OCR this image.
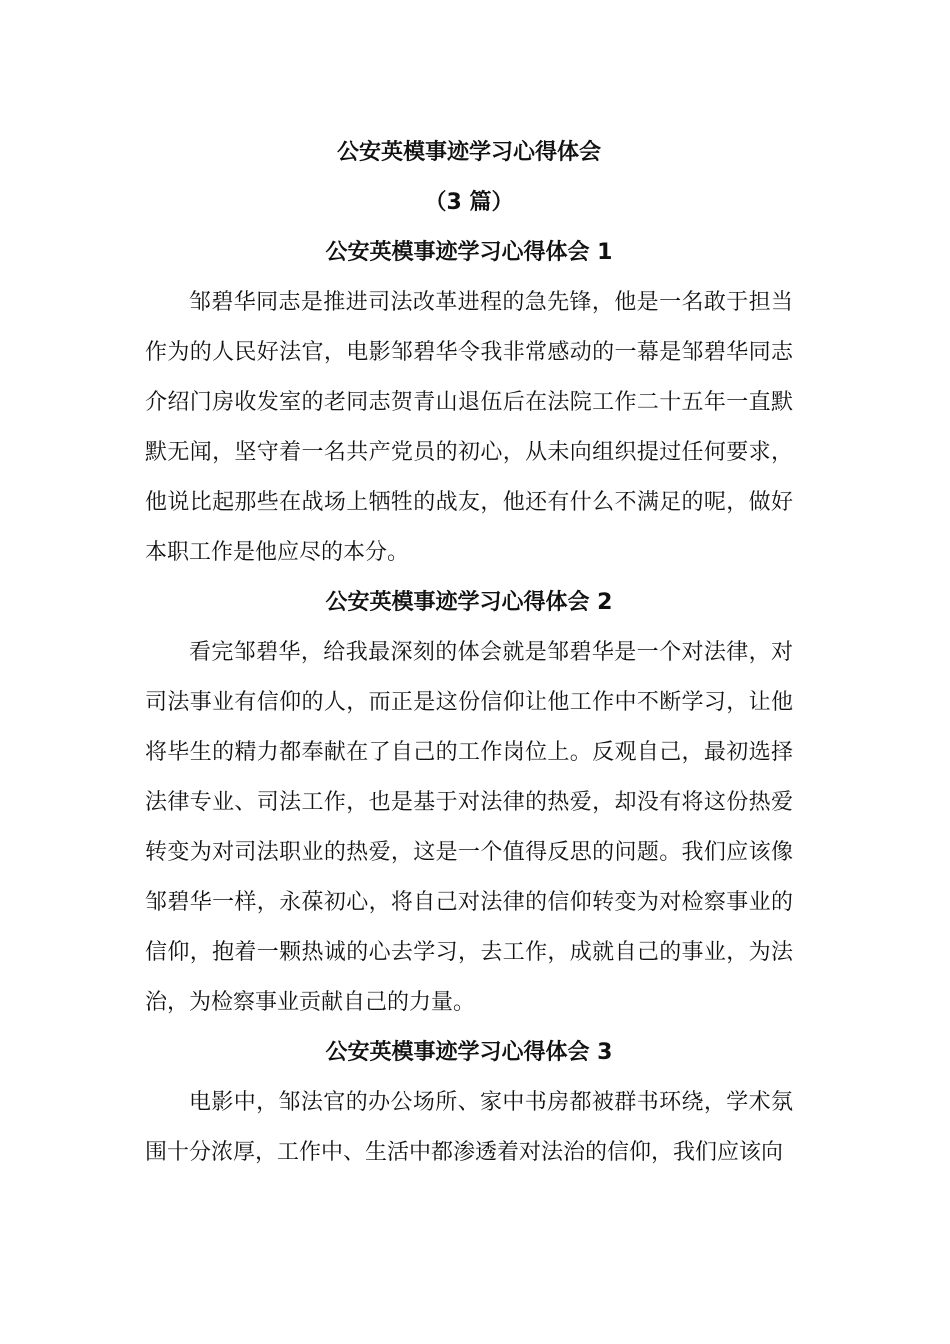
公安英模事迹学习心得体会
（3 篇）
公安英模事迹学习心得体会 1

邹碧华同志是推进司法改革进程的急先锋，他是一名敢于担当作为的人民好法官，电影邹碧华令我非常感动的一幕是邹碧华同志介绍门房收发室的老同志贺青山退伍后在法院工作二十五年一直默默无闻，坚守着一名共产党员的初心，从未向组织提过任何要求，他说比起那些在战场上牺牲的战友，他还有什么不满足的呢，做好本职工作是他应尽的本分。

公安英模事迹学习心得体会 2

看完邹碧华，给我最深刻的体会就是邹碧华是一个对法律，对司法事业有信仰的人，而正是这份信仰让他工作中不断学习，让他将毕生的精力都奉献在了自己的工作岗位上。反观自己，最初选择法律专业、司法工作，也是基于对法律的热爱，却没有将这份热爱转变为对司法职业的热爱，这是一个值得反思的问题。我们应该像邹碧华一样，永葆初心，将自己对法律的信仰转变为对检察事业的信仰，抱着一颗热诚的心去学习，去工作，成就自己的事业，为法治，为检察事业贡献自己的力量。

公安英模事迹学习心得体会 3

电影中，邹法官的办公场所、家中书房都被群书环绕，学术氛围十分浓厚，工作中、生活中都渗透着对法治的信仰，我们应该向
